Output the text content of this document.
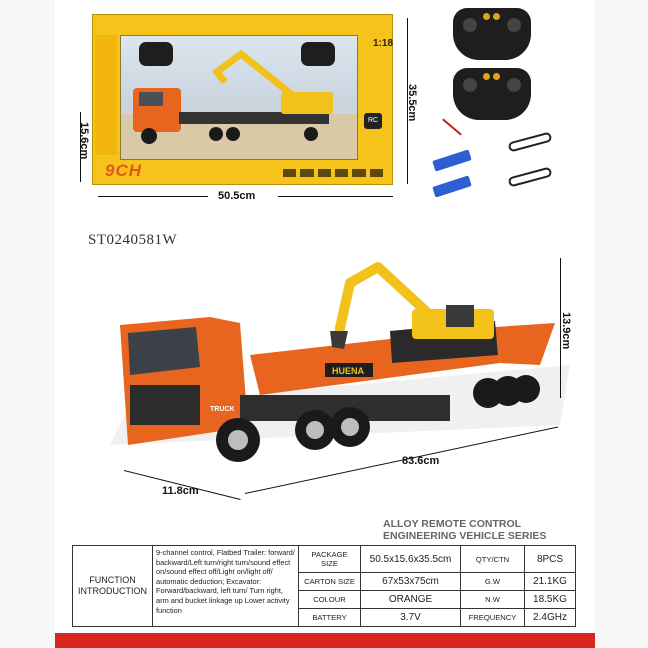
1:18
RC
9CH
15.6cm
35.5cm
50.5cm
ST0240581W
HUENA
TRUCK
13.9cm
83.6cm
11.8cm
ALLOY REMOTE CONTROL
ENGINEERING VEHICLE SERIES
FUNCTION
INTRODUCTION	9-channel control, Flatbed Trailer: forward/ backward/Left turn/right turn/sound effect on/sound effect off/Light on/light off/ automatic deduction; Excavator: Forward/backward, left turn/ Turn right, arm and bucket linkage up Lower activity function	PACKAGE SIZE	50.5x15.6x35.5cm	QTY/CTN	8PCS
		CARTON SIZE	67x53x75cm	G.W	21.1KG
		COLOUR	ORANGE	N.W	18.5KG
		BATTERY	3.7V	FREQUENCY	2.4GHz
